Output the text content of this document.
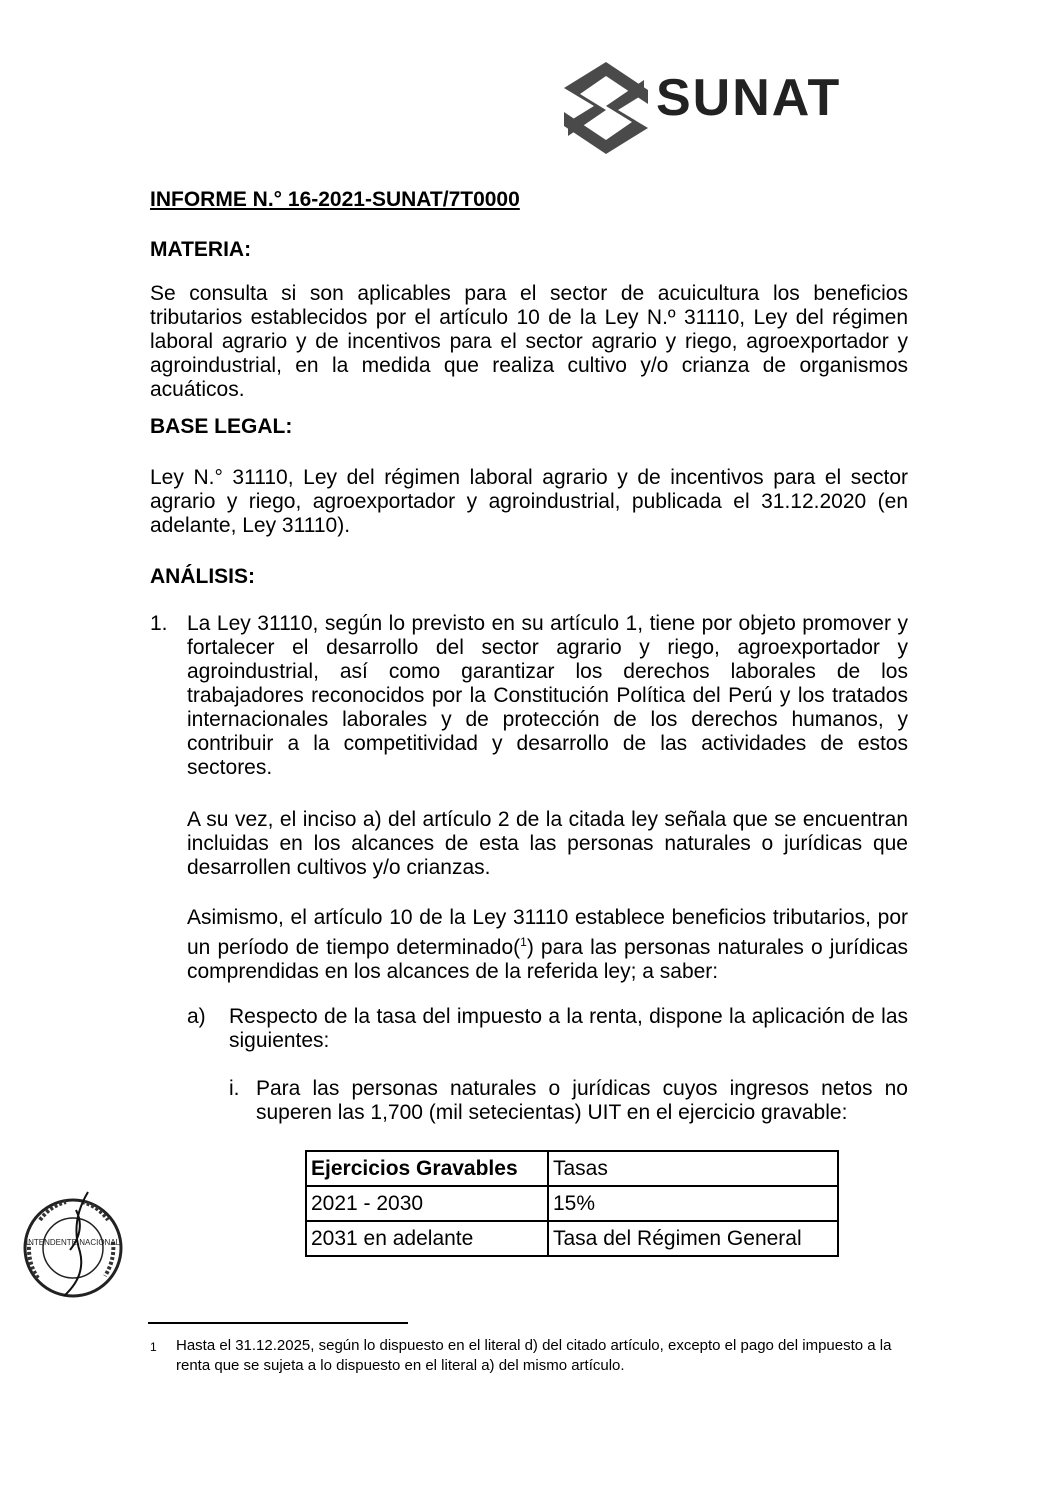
SUNAT
INFORME N.° 16-2021-SUNAT/7T0000
MATERIA:
Se consulta si son aplicables para el sector de acuicultura los beneficios tributarios establecidos por el artículo 10 de la Ley N.º 31110, Ley del régimen laboral agrario y de incentivos para el sector agrario y riego, agroexportador y agroindustrial, en la medida que realiza cultivo y/o crianza de organismos acuáticos.
BASE LEGAL:
Ley N.° 31110, Ley del régimen laboral agrario y de incentivos para el sector agrario y riego, agroexportador y agroindustrial, publicada el 31.12.2020 (en adelante, Ley 31110).
ANÁLISIS:
1. La Ley 31110, según lo previsto en su artículo 1, tiene por objeto promover y fortalecer el desarrollo del sector agrario y riego, agroexportador y agroindustrial, así como garantizar los derechos laborales de los trabajadores reconocidos por la Constitución Política del Perú y los tratados internacionales laborales y de protección de los derechos humanos, y contribuir a la competitividad y desarrollo de las actividades de estos sectores.
A su vez, el inciso a) del artículo 2 de la citada ley señala que se encuentran incluidas en los alcances de esta las personas naturales o jurídicas que desarrollen cultivos y/o crianzas.
Asimismo, el artículo 10 de la Ley 31110 establece beneficios tributarios, por un período de tiempo determinado($^1$) para las personas naturales o jurídicas comprendidas en los alcances de la referida ley; a saber:
a) Respecto de la tasa del impuesto a la renta, dispone la aplicación de las siguientes:
i. Para las personas naturales o jurídicas cuyos ingresos netos no superen las 1,700 (mil setecientas) UIT en el ejercicio gravable:
Ejercicios Gravables	Tasas
2021 - 2030	15%
2031 en adelante	Tasa del Régimen General
INTENDENTE NACIONAL
1 Hasta el 31.12.2025, según lo dispuesto en el literal d) del citado artículo, excepto el pago del impuesto a la renta que se sujeta a lo dispuesto en el literal a) del mismo artículo.
